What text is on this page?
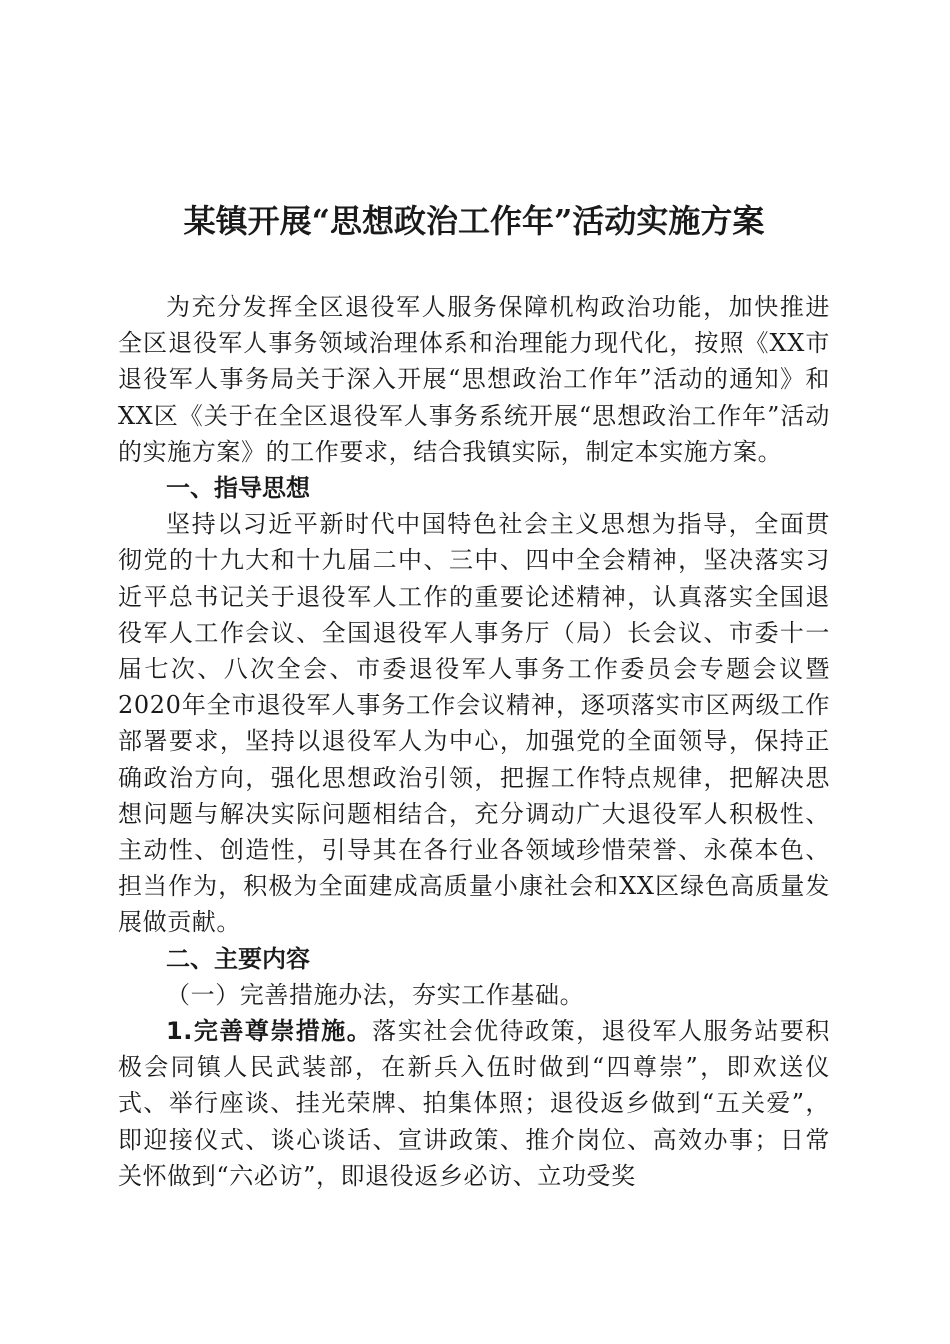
某镇开展“思想政治工作年”活动实施方案

为充分发挥全区退役军人服务保障机构政治功能，加快推进全区退役军人事务领域治理体系和治理能力现代化，按照《XX市退役军人事务局关于深入开展“思想政治工作年”活动的通知》和XX区《关于在全区退役军人事务系统开展“思想政治工作年”活动的实施方案》的工作要求，结合我镇实际，制定本实施方案。

一、指导思想

坚持以习近平新时代中国特色社会主义思想为指导，全面贯彻党的十九大和十九届二中、三中、四中全会精神，坚决落实习近平总书记关于退役军人工作的重要论述精神，认真落实全国退役军人工作会议、全国退役军人事务厅（局）长会议、市委十一届七次、八次全会、市委退役军人事务工作委员会专题会议暨2020年全市退役军人事务工作会议精神，逐项落实市区两级工作部署要求，坚持以退役军人为中心，加强党的全面领导，保持正确政治方向，强化思想政治引领，把握工作特点规律，把解决思想问题与解决实际问题相结合，充分调动广大退役军人积极性、主动性、创造性，引导其在各行业各领域珍惜荣誉、永葆本色、担当作为，积极为全面建成高质量小康社会和XX区绿色高质量发展做贡献。

二、主要内容

（一）完善措施办法，夯实工作基础。

1.完善尊崇措施。落实社会优待政策，退役军人服务站要积极会同镇人民武装部，在新兵入伍时做到“四尊崇”，即欢送仪式、举行座谈、挂光荣牌、拍集体照；退役返乡做到“五关爱”，即迎接仪式、谈心谈话、宣讲政策、推介岗位、高效办事；日常关怀做到“六必访”，即退役返乡必访、立功受奖
